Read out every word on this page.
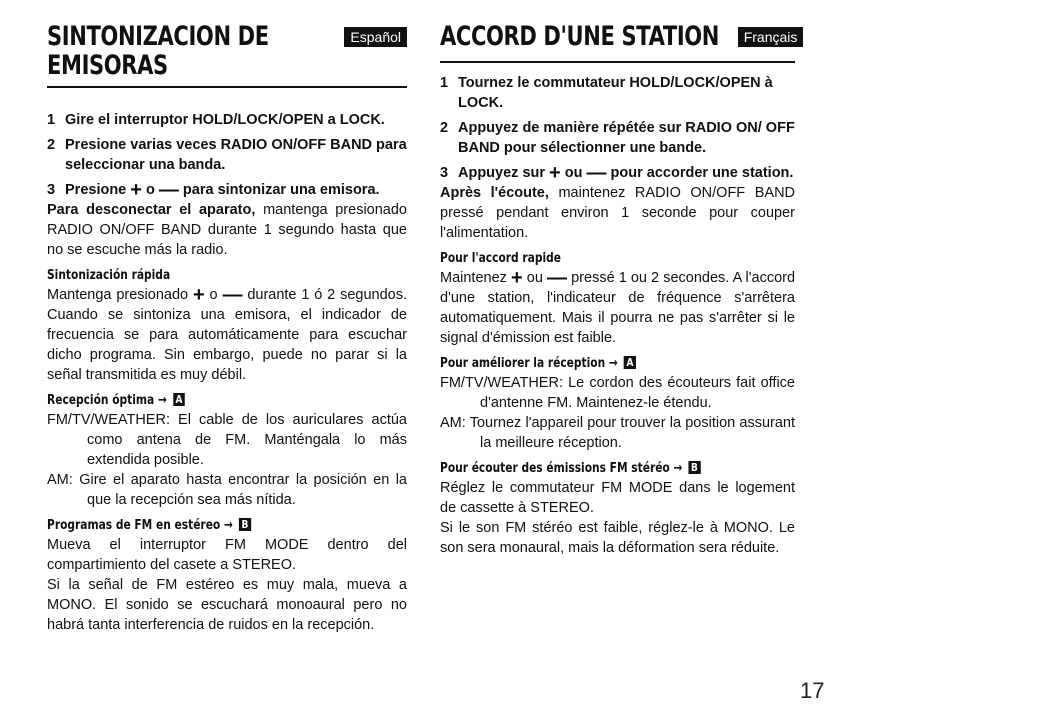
SINTONIZACION DE
EMISORAS
Español
1 Gire el interruptor HOLD/LOCK/OPEN a LOCK.
2 Presione varias veces RADIO ON/OFF BAND para seleccionar una banda.
3 Presione + o — para sintonizar una emisora.

Para desconectar el aparato, mantenga presionado RADIO ON/OFF BAND durante 1 segundo hasta que no se escuche más la radio.

Sintonización rápida

Mantenga presionado + o — durante 1 ó 2 segundos. Cuando se sintoniza una emisora, el indicador de frecuencia se para automáticamente para escuchar dicho programa. Sin embargo, puede no parar si la señal transmitida es muy débil.

Recepción óptima → A

FM/TV/WEATHER: El cable de los auriculares actúa como antena de FM. Manténgala lo más extendida posible.

AM: Gire el aparato hasta encontrar la posición en la que la recepción sea más nítida.

Programas de FM en estéreo → B

Mueva el interruptor FM MODE dentro del compartimiento del casete a STEREO.

Si la señal de FM estéreo es muy mala, mueva a MONO. El sonido se escuchará monoaural pero no habrá tanta interferencia de ruidos en la recepción.

ACCORD D'UNE STATION	Français
1 Tournez le commutateur HOLD/LOCK/OPEN à LOCK.
2 Appuyez de manière répétée sur RADIO ON/ OFF BAND pour sélectionner une bande.
3 Appuyez sur + ou — pour accorder une station.

Après l'écoute, maintenez RADIO ON/OFF BAND pressé pendant environ 1 seconde pour couper l'alimentation.

Pour l'accord rapide

Maintenez + ou — pressé 1 ou 2 secondes. A l'accord d'une station, l'indicateur de fréquence s'arrêtera automatiquement. Mais il pourra ne pas s'arrêter si le signal d'émission est faible.

Pour améliorer la réception → A

FM/TV/WEATHER: Le cordon des écouteurs fait office d'antenne FM. Maintenez-le étendu.

AM: Tournez l'appareil pour trouver la position assurant la meilleure réception.

Pour écouter des émissions FM stéréo → B

Réglez le commutateur FM MODE dans le logement de cassette à STEREO.

Si le son FM stéréo est faible, réglez-le à MONO. Le son sera monaural, mais la déformation sera réduite.

17
